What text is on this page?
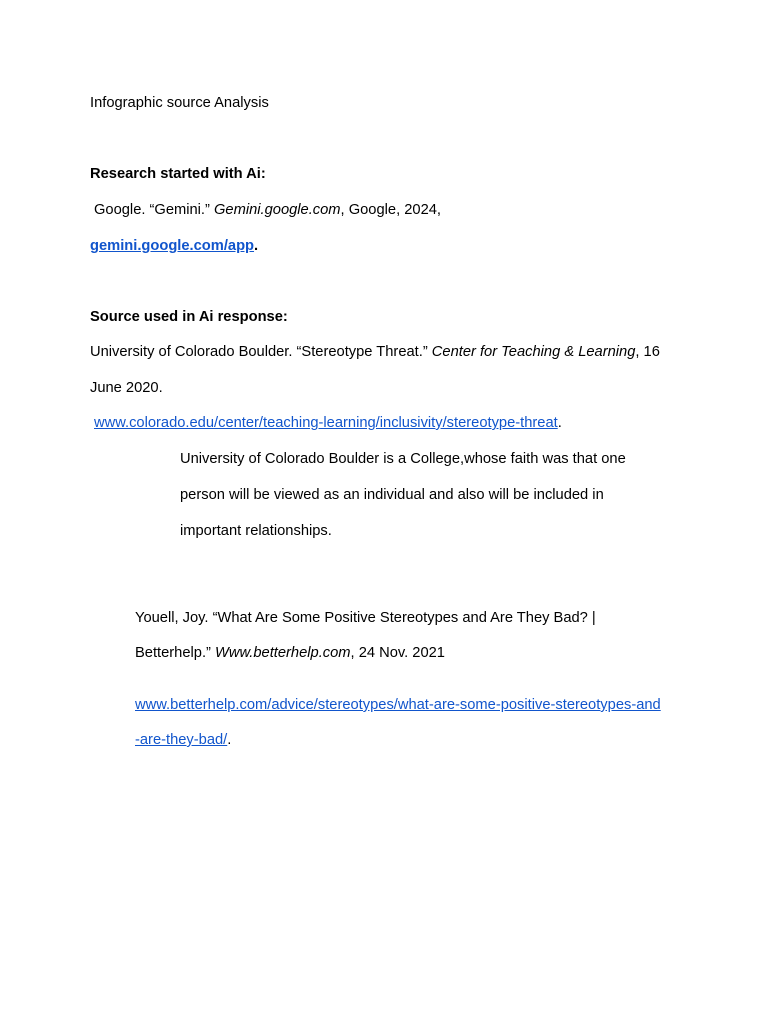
Infographic source Analysis
Research started with Ai:
Google. “Gemini.” Gemini.google.com, Google, 2024,
gemini.google.com/app.
Source used in Ai response:
University of Colorado Boulder. “Stereotype Threat.” Center for Teaching & Learning, 16
June 2020.
www.colorado.edu/center/teaching-learning/inclusivity/stereotype-threat.
University of Colorado Boulder is a College,whose faith was that one
person will be viewed as an individual and also will be included in
important relationships.
Youell, Joy. “What Are Some Positive Stereotypes and Are They Bad? |
Betterhelp.” Www.betterhelp.com, 24 Nov. 2021
www.betterhelp.com/advice/stereotypes/what-are-some-positive-stereotypes-and
-are-they-bad/.
